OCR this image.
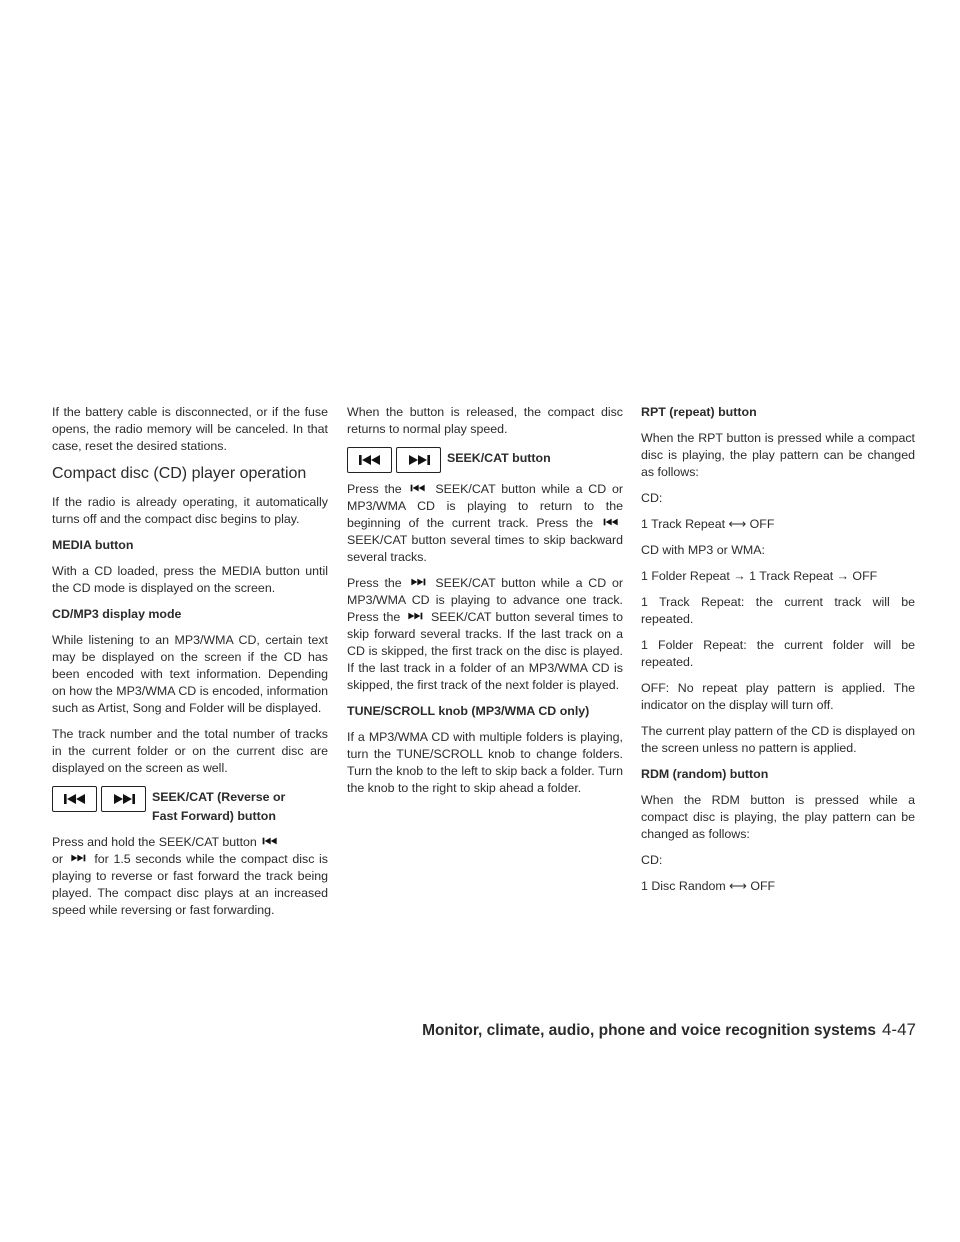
If the battery cable is disconnected, or if the fuse opens, the radio memory will be canceled. In that case, reset the desired stations.

Compact disc (CD) player operation

If the radio is already operating, it automatically turns off and the compact disc begins to play.

MEDIA button

With a CD loaded, press the MEDIA button until the CD mode is displayed on the screen.

CD/MP3 display mode

While listening to an MP3/WMA CD, certain text may be displayed on the screen if the CD has been encoded with text information. Depending on how the MP3/WMA CD is encoded, information such as Artist, Song and Folder will be displayed.

The track number and the total number of tracks in the current folder or on the current disc are displayed on the screen as well.

SEEK/CAT (Reverse or
Fast Forward) button

Press and hold the SEEK/CAT button

or	for 1.5 seconds while the compact disc is playing to reverse or fast forward the track being played. The compact disc plays at an increased speed while reversing or fast forwarding.

When the button is released, the compact disc returns to normal play speed.

SEEK/CAT button

Press the	SEEK/CAT button while a CD or MP3/WMA CD is playing to return to the beginning of the current track. Press the
SEEK/CAT button several times to skip backward several tracks.

Press the	SEEK/CAT button while a CD or MP3/WMA CD is playing to advance one track. Press the SEEK/CAT button several times to skip forward several tracks. If the last track on a CD is skipped, the first track on the disc is played. If the last track in a folder of an MP3/WMA CD is skipped, the first track of the next folder is played.

TUNE/SCROLL knob (MP3/WMA CD only)

If a MP3/WMA CD with multiple folders is playing, turn the TUNE/SCROLL knob to change folders. Turn the knob to the left to skip back a folder. Turn the knob to the right to skip ahead a folder.

RPT (repeat) button

When the RPT button is pressed while a compact disc is playing, the play pattern can be changed as follows:

CD:

1 Track Repeat ⟷ OFF

CD with MP3 or WMA:

1 Folder Repeat → 1 Track Repeat → OFF

1 Track Repeat: the current track will be repeated.

1 Folder Repeat: the current folder will be repeated.

OFF: No repeat play pattern is applied. The indicator on the display will turn off.

The current play pattern of the CD is displayed on the screen unless no pattern is applied.

RDM (random) button

When the RDM button is pressed while a compact disc is playing, the play pattern can be changed as follows:

CD:

1 Disc Random ⟷ OFF

Monitor, climate, audio, phone and voice recognition systems 4-47
